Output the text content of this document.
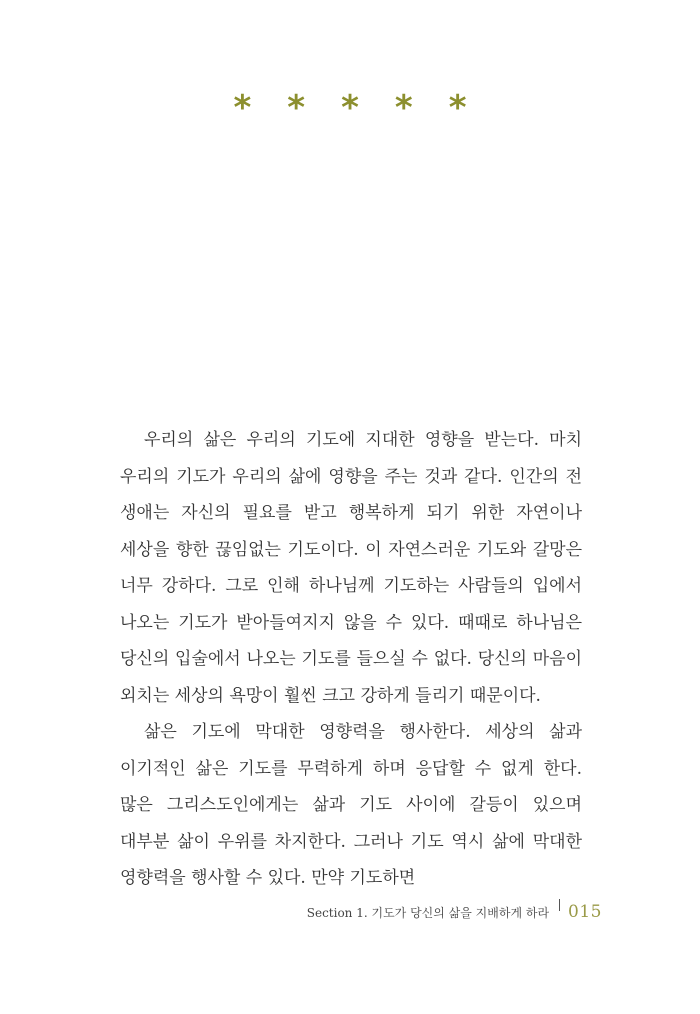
* * * * *

우리의 삶은 우리의 기도에 지대한 영향을 받는다. 마치 우리의 기도가 우리의 삶에 영향을 주는 것과 같다. 인간의 전 생애는 자신의 필요를 받고 행복하게 되기 위한 자연이나 세상을 향한 끊임없는 기도이다. 이 자연스러운 기도와 갈망은 너무 강하다. 그로 인해 하나님께 기도하는 사람들의 입에서 나오는 기도가 받아들여지지 않을 수 있다. 때때로 하나님은 당신의 입술에서 나오는 기도를 들으실 수 없다. 당신의 마음이 외치는 세상의 욕망이 훨씬 크고 강하게 들리기 때문이다.

삶은 기도에 막대한 영향력을 행사한다. 세상의 삶과 이기적인 삶은 기도를 무력하게 하며 응답할 수 없게 한다. 많은 그리스도인에게는 삶과 기도 사이에 갈등이 있으며 대부분 삶이 우위를 차지한다. 그러나 기도 역시 삶에 막대한 영향력을 행사할 수 있다. 만약 기도하면

Section 1. 기도가 당신의 삶을 지배하게 하라 015
